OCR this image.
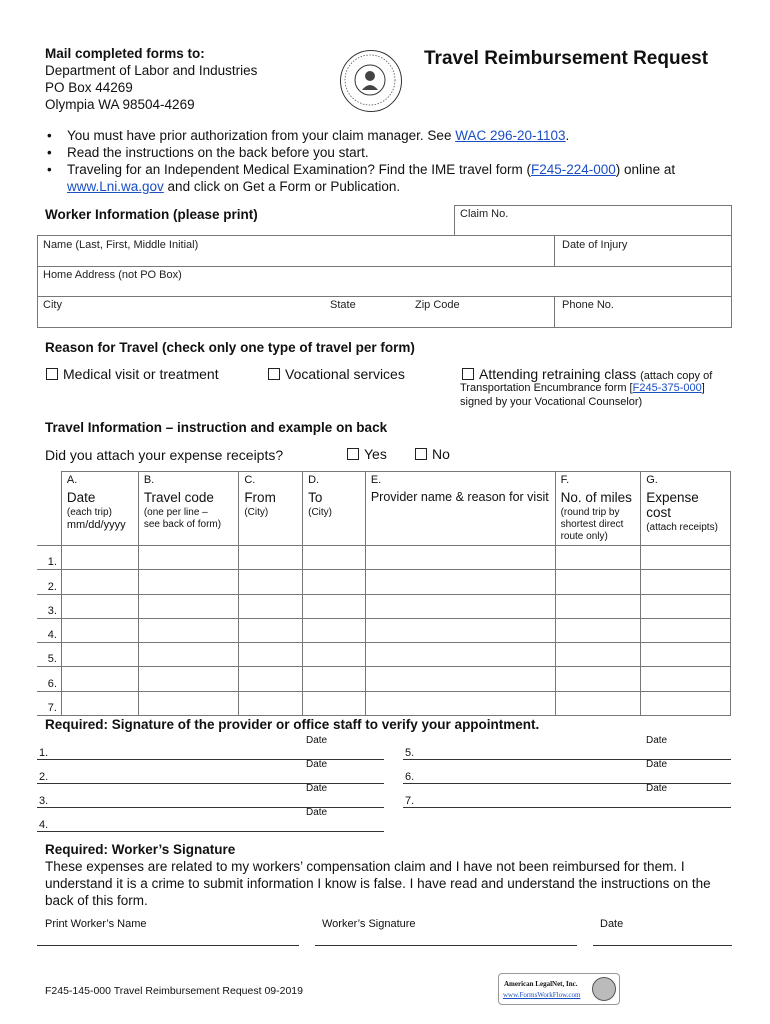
Mail completed forms to:
Department of Labor and Industries
PO Box 44269
Olympia WA 98504-4269
Travel Reimbursement Request
• You must have prior authorization from your claim manager. See WAC 296-20-1103.
• Read the instructions on the back before you start.
• Traveling for an Independent Medical Examination? Find the IME travel form (F245-224-000) online at
www.Lni.wa.gov and click on Get a Form or Publication.
Worker Information (please print)	Claim No.
Name (Last, First, Middle Initial)	Date of Injury
Home Address (not PO Box)
City	State	Zip Code	Phone No.
Reason for Travel (check only one type of travel per form)
Medical visit or treatment	Vocational services	Attending retraining class (attach copy of
Transportation Encumbrance form [F245-375-000]
signed by your Vocational Counselor)
Travel Information – instruction and example on back
Did you attach your expense receipts?	Yes	No
	A.
Date
(each trip)
mm/dd/yyyy	B.
Travel code
(one per line –
see back of form)	C.
From
(City)	D.
To
(City)	E.
Provider name & reason for visit	F.
No. of miles
(round trip by shortest direct route only)	G.
Expense cost
(attach receipts)

1.							
2.							
3.							
4.							
5.							
6.							
7.							
Required: Signature of the provider or office staff to verify your appointment.
1.
Date
2.
Date
3.
Date
4.
Date
5.
Date
6.
Date
7.
Date
Required: Worker’s Signature
These expenses are related to my workers’ compensation claim and I have not been reimbursed for them. I understand it is a crime to submit information I know is false. I have read and understand the instructions on the back of this form.
Print Worker’s Name	Worker’s Signature	Date
F245-145-000 Travel Reimbursement Request 09-2019
American LegalNet, Inc.
www.FormsWorkFlow.com
